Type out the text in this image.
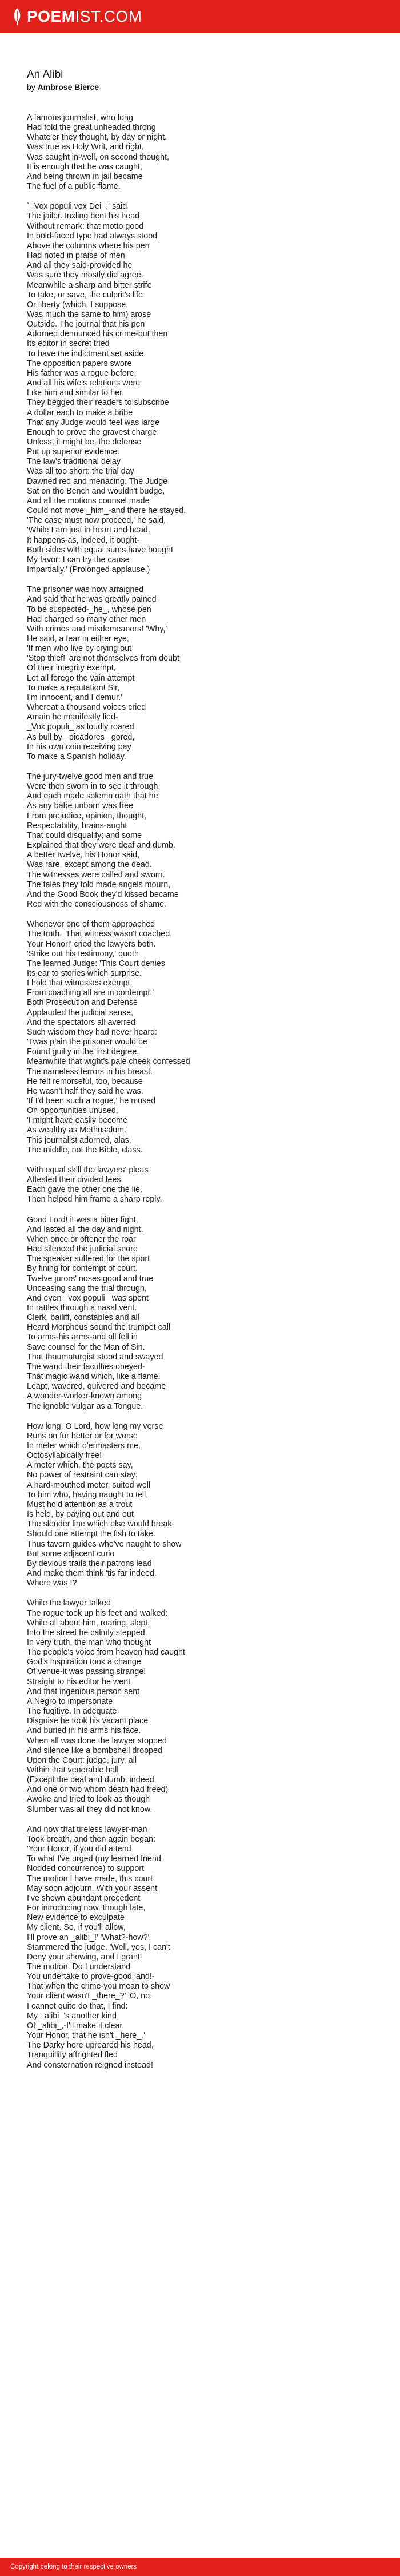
POEMIST.COM
An Alibi

by Ambrose Bierce

A famous journalist, who long
Had told the great unheaded throng
Whate'er they thought, by day or night.
Was true as Holy Writ, and right,
Was caught in-well, on second thought,
It is enough that he was caught,
And being thrown in jail became
The fuel of a public flame.

`_Vox populi vox Dei_,' said
The jailer. Inxling bent his head
Without remark: that motto good
In bold-faced type had always stood
Above the columns where his pen
Had noted in praise of men
And all they said-provided he
Was sure they mostly did agree.
Meanwhile a sharp and bitter strife
To take, or save, the culprit's life
Or liberty (which, I suppose,
Was much the same to him) arose
Outside. The journal that his pen
Adorned denounced his crime-but then
Its editor in secret tried
To have the indictment set aside.
The opposition papers swore
His father was a rogue before,
And all his wife's relations were
Like him and similar to her.
They begged their readers to subscribe
A dollar each to make a bribe
That any Judge would feel was large
Enough to prove the gravest charge
Unless, it might be, the defense
Put up superior evidence.
The law's traditional delay
Was all too short: the trial day
Dawned red and menacing. The Judge
Sat on the Bench and wouldn't budge,
And all the motions counsel made
Could not move _him_-and there he stayed.
'The case must now proceed,' he said,
'While I am just in heart and head,
It happens-as, indeed, it ought-
Both sides with equal sums have bought
My favor: I can try the cause
Impartially.' (Prolonged applause.)

The prisoner was now arraigned
And said that he was greatly pained
To be suspected-_he_, whose pen
Had charged so many other men
With crimes and misdemeanors! 'Why,'
He said, a tear in either eye,
'If men who live by crying out
'Stop thief!' are not themselves from doubt
Of their integrity exempt,
Let all forego the vain attempt
To make a reputation! Sir,
I'm innocent, and I demur.'
Whereat a thousand voices cried
Amain he manifestly lied-
_Vox populi_ as loudly roared
As bull by _picadores_ gored,
In his own coin receiving pay
To make a Spanish holiday.

The jury-twelve good men and true
Were then sworn in to see it through,
And each made solemn oath that he
As any babe unborn was free
From prejudice, opinion, thought,
Respectability, brains-aught
That could disqualify; and some
Explained that they were deaf and dumb.
A better twelve, his Honor said,
Was rare, except among the dead.
The witnesses were called and sworn.
The tales they told made angels mourn,
And the Good Book they'd kissed became
Red with the consciousness of shame.

Whenever one of them approached
The truth, 'That witness wasn't coached,
Your Honor!' cried the lawyers both.
'Strike out his testimony,' quoth
The learned Judge: 'This Court denies
Its ear to stories which surprise.
I hold that witnesses exempt
From coaching all are in contempt.'
Both Prosecution and Defense
Applauded the judicial sense,
And the spectators all averred
Such wisdom they had never heard:
'Twas plain the prisoner would be
Found guilty in the first degree.
Meanwhile that wight's pale cheek confessed
The nameless terrors in his breast.
He felt remorseful, too, because
He wasn't half they said he was.
'If I'd been such a rogue,' he mused
On opportunities unused,
'I might have easily become
As wealthy as Methusalum.'
This journalist adorned, alas,
The middle, not the Bible, class.

With equal skill the lawyers' pleas
Attested their divided fees.
Each gave the other one the lie,
Then helped him frame a sharp reply.

Good Lord! it was a bitter fight,
And lasted all the day and night.
When once or oftener the roar
Had silenced the judicial snore
The speaker suffered for the sport
By fining for contempt of court.
Twelve jurors' noses good and true
Unceasing sang the trial through,
And even _vox populi_ was spent
In rattles through a nasal vent.
Clerk, bailiff, constables and all
Heard Morpheus sound the trumpet call
To arms-his arms-and all fell in
Save counsel for the Man of Sin.
That thaumaturgist stood and swayed
The wand their faculties obeyed-
That magic wand which, like a flame.
Leapt, wavered, quivered and became
A wonder-worker-known among
The ignoble vulgar as a Tongue.

How long, O Lord, how long my verse
Runs on for better or for worse
In meter which o'ermasters me,
Octosyllabically free!
A meter which, the poets say,
No power of restraint can stay;
A hard-mouthed meter, suited well
To him who, having naught to tell,
Must hold attention as a trout
Is held, by paying out and out
The slender line which else would break
Should one attempt the fish to take.
Thus tavern guides who've naught to show
But some adjacent curio
By devious trails their patrons lead
And make them think 'tis far indeed.
Where was I?

While the lawyer talked
The rogue took up his feet and walked:
While all about him, roaring, slept,
Into the street he calmly stepped.
In very truth, the man who thought
The people's voice from heaven had caught
God's inspiration took a change
Of venue-it was passing strange!
Straight to his editor he went
And that ingenious person sent
A Negro to impersonate
The fugitive. In adequate
Disguise he took his vacant place
And buried in his arms his face.
When all was done the lawyer stopped
And silence like a bombshell dropped
Upon the Court: judge, jury, all
Within that venerable hall
(Except the deaf and dumb, indeed,
And one or two whom death had freed)
Awoke and tried to look as though
Slumber was all they did not know.

And now that tireless lawyer-man
Took breath, and then again began:
'Your Honor, if you did attend
To what I've urged (my learned friend
Nodded concurrence) to support
The motion I have made, this court
May soon adjourn. With your assent
I've shown abundant precedent
For introducing now, though late,
New evidence to exculpate
My client. So, if you'll allow,
I'll prove an _alibi_!' 'What?-how?'
Stammered the judge. 'Well, yes, I can't
Deny your showing, and I grant
The motion. Do I understand
You undertake to prove-good land!-
That when the crime-you mean to show
Your client wasn't _there_?' 'O, no,
I cannot quite do that, I find:
My _alibi_'s another kind
Of _alibi_,-I'll make it clear,
Your Honor, that he isn't _here_.'
The Darky here upreared his head,
Tranquillity affrighted fled
And consternation reigned instead!

Copyright belong to their respective owners
